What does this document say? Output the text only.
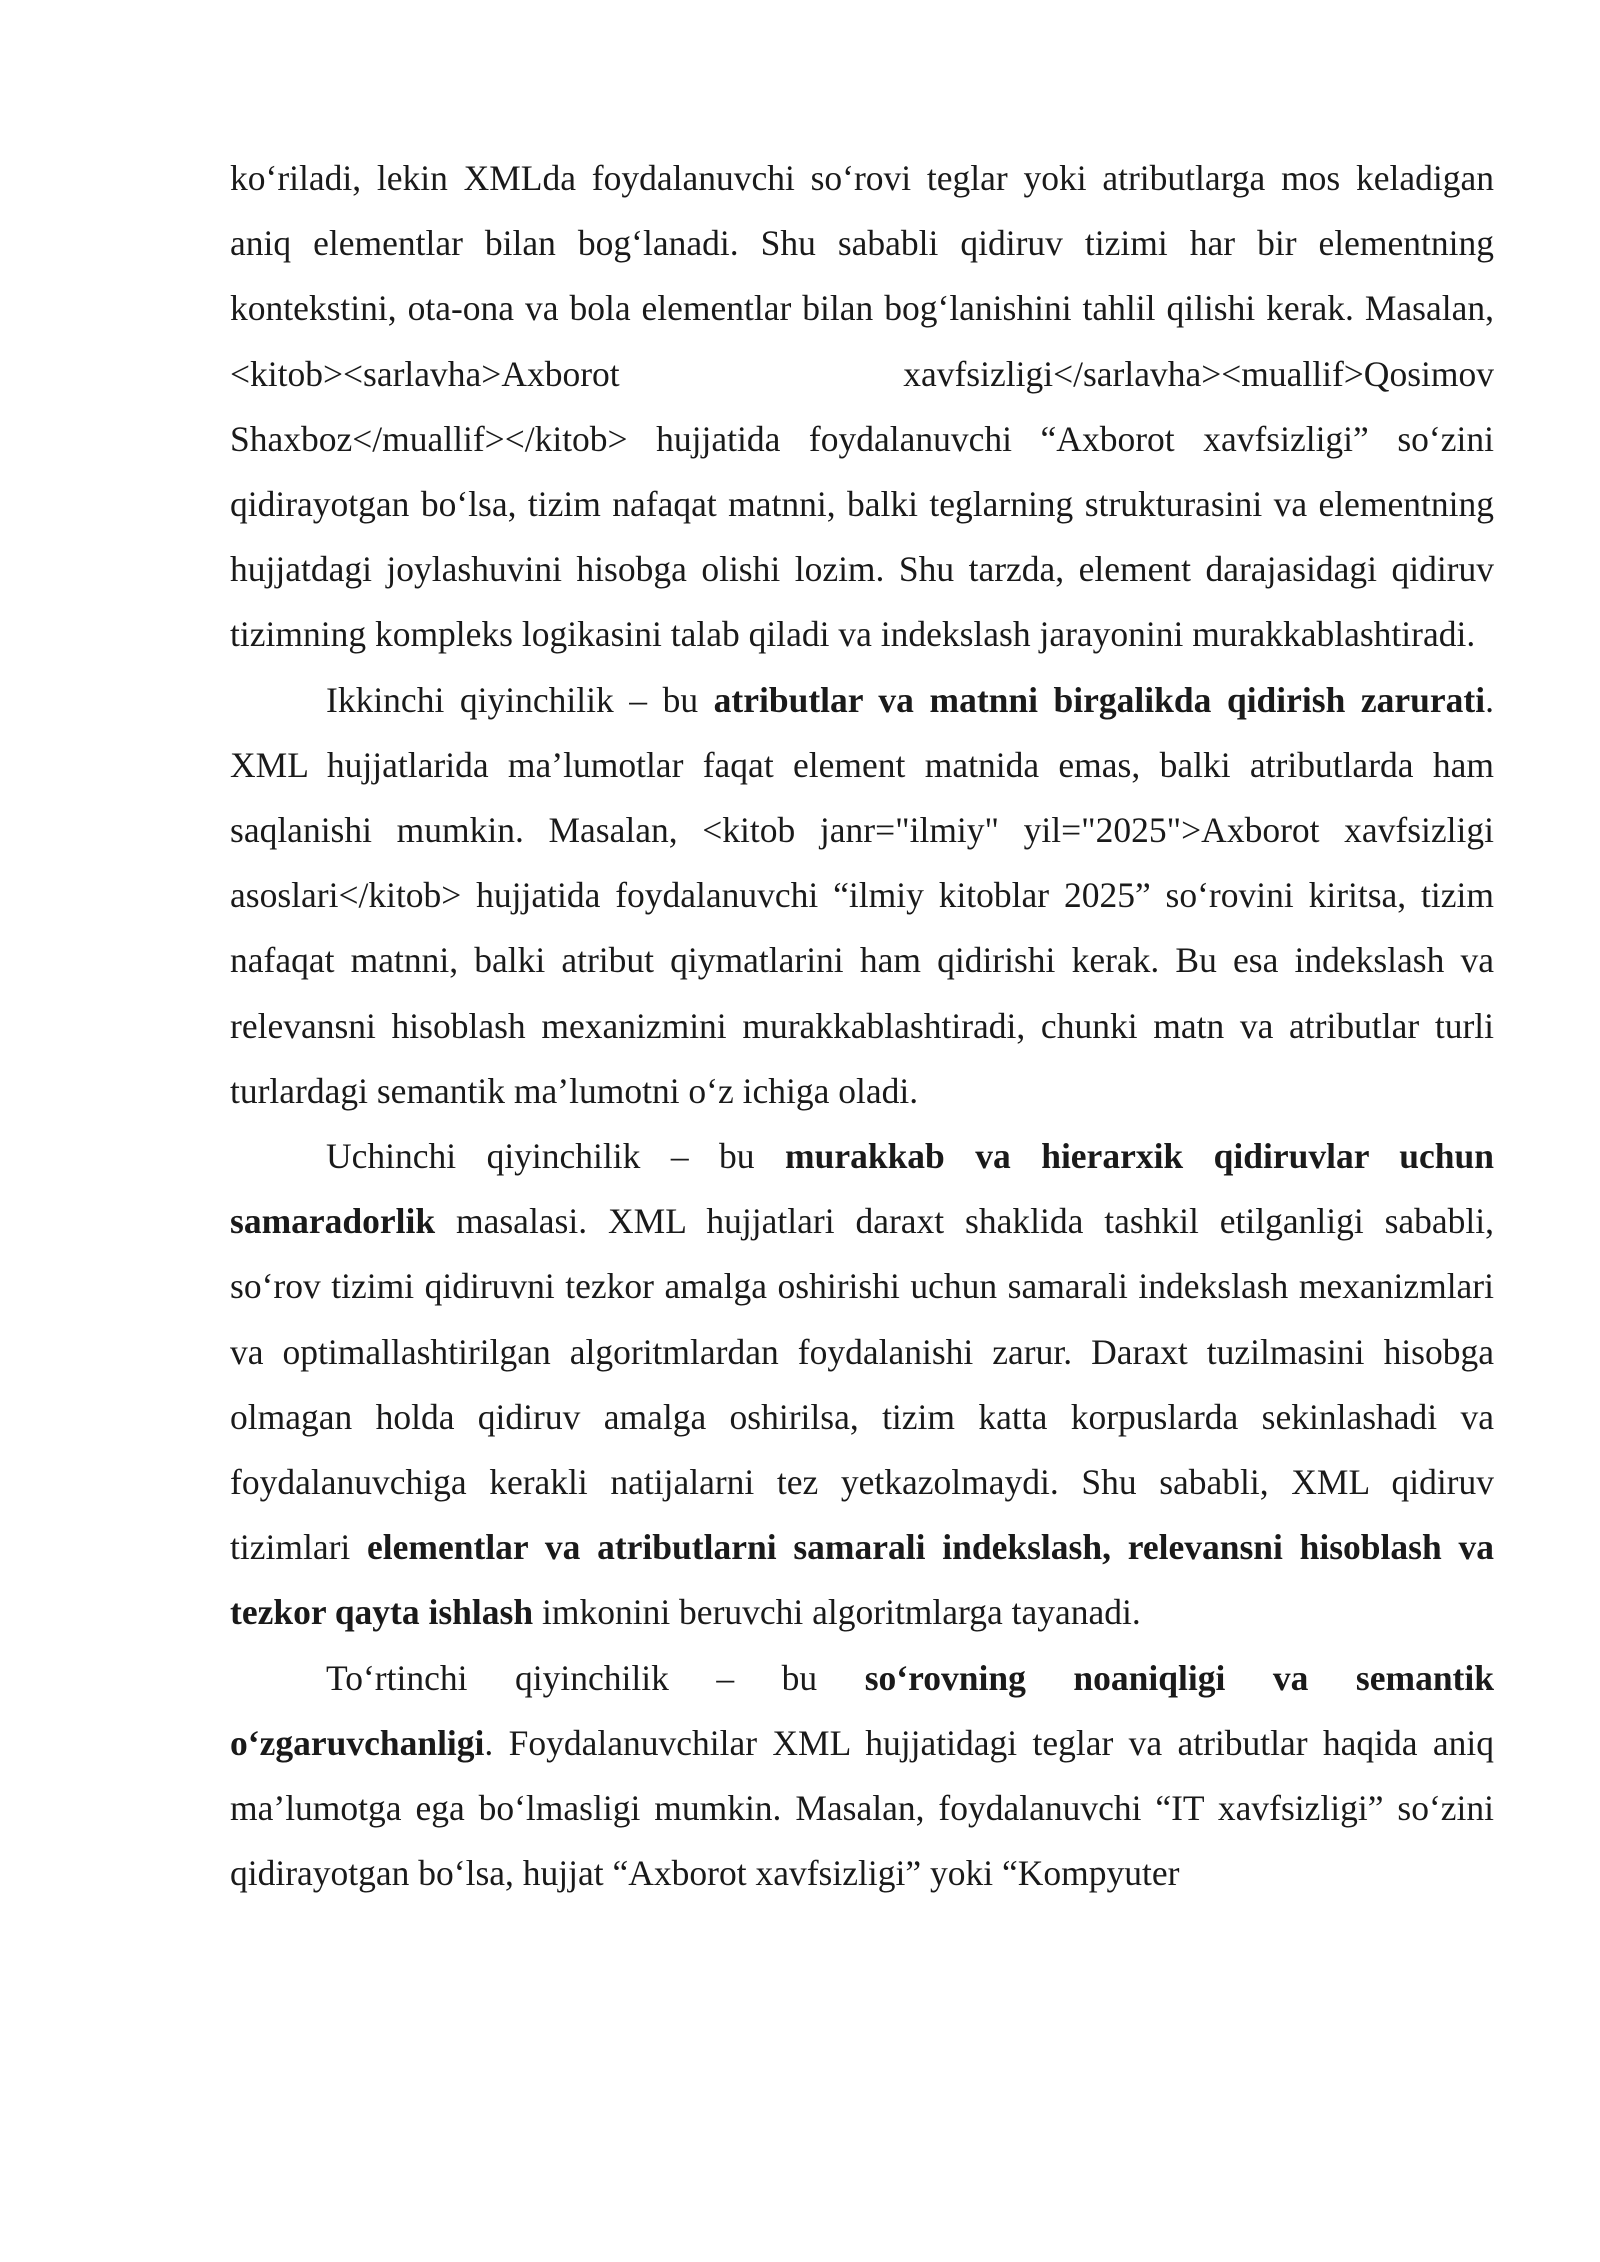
ko‘riladi, lekin XMLda foydalanuvchi so‘rovi teglar yoki atributlarga mos keladigan aniq elementlar bilan bog‘lanadi. Shu sababli qidiruv tizimi har bir elementning kontekstini, ota-ona va bola elementlar bilan bog‘lanishini tahlil qilishi kerak. Masalan, <kitob><sarlavha>Axborot xavfsizligi</sarlavha><muallif>Qosimov Shaxboz</muallif></kitob> hujjatida foydalanuvchi “Axborot xavfsizligi” so‘zini qidirayotgan bo‘lsa, tizim nafaqat matnni, balki teglarning strukturasini va elementning hujjatdagi joylashuvini hisobga olishi lozim. Shu tarzda, element darajasidagi qidiruv tizimning kompleks logikasini talab qiladi va indekslash jarayonini murakkablashtiradi.

Ikkinchi qiyinchilik – bu atributlar va matnni birgalikda qidirish zarurati. XML hujjatlarida ma’lumotlar faqat element matnida emas, balki atributlarda ham saqlanishi mumkin. Masalan, <kitob janr="ilmiy" yil="2025">Axborot xavfsizligi asoslari</kitob> hujjatida foydalanuvchi “ilmiy kitoblar 2025” so‘rovini kiritsa, tizim nafaqat matnni, balki atribut qiymatlarini ham qidirishi kerak. Bu esa indekslash va relevansni hisoblash mexanizmini murakkablashtiradi, chunki matn va atributlar turli turlardagi semantik ma’lumotni o‘z ichiga oladi.

Uchinchi qiyinchilik – bu murakkab va hierarxik qidiruvlar uchun samaradorlik masalasi. XML hujjatlari daraxt shaklida tashkil etilganligi sababli, so‘rov tizimi qidiruvni tezkor amalga oshirishi uchun samarali indekslash mexanizmlari va optimallashtirilgan algoritmlardan foydalanishi zarur. Daraxt tuzilmasini hisobga olmagan holda qidiruv amalga oshirilsa, tizim katta korpuslarda sekinlashadi va foydalanuvchiga kerakli natijalarni tez yetkazolmaydi. Shu sababli, XML qidiruv tizimlari elementlar va atributlarni samarali indekslash, relevansni hisoblash va tezkor qayta ishlash imkonini beruvchi algoritmlarga tayanadi.

To‘rtinchi qiyinchilik – bu so‘rovning noaniqligi va semantik o‘zgaruvchanligi. Foydalanuvchilar XML hujjatidagi teglar va atributlar haqida aniq ma’lumotga ega bo‘lmasligi mumkin. Masalan, foydalanuvchi “IT xavfsizligi” so‘zini qidirayotgan bo‘lsa, hujjat “Axborot xavfsizligi” yoki “Kompyuter
